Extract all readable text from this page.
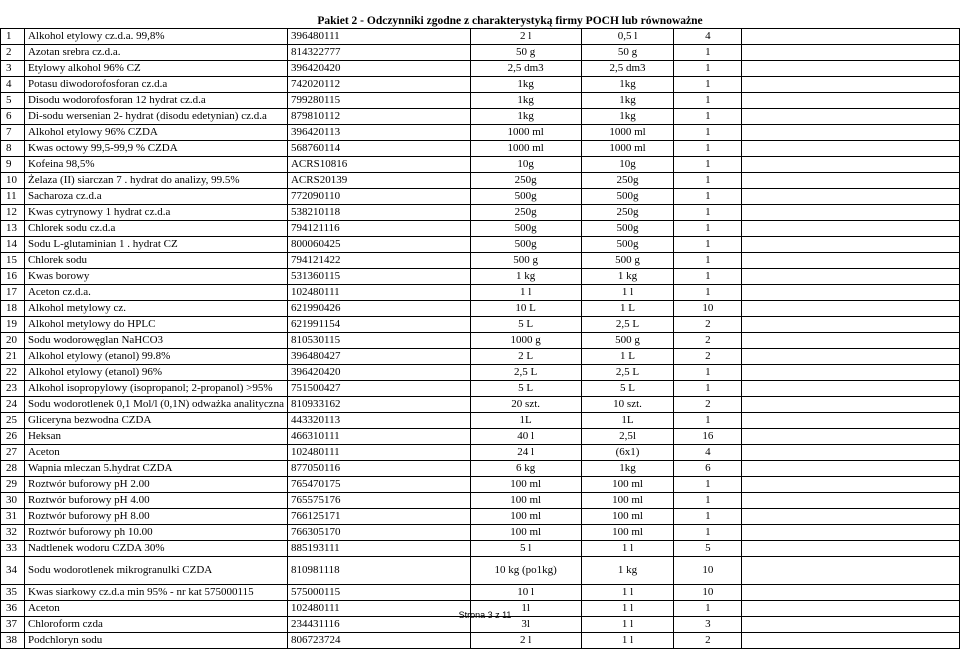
Pakiet 2 - Odczynniki zgodne z charakterystyką firmy POCH lub równoważne
1	Alkohol etylowy cz.d.a. 99,8%	396480111	2 l	0,5 l	4	
2	Azotan srebra cz.d.a.	814322777	50 g	50 g	1	
3	Etylowy alkohol 96% CZ	396420420	2,5 dm3	2,5 dm3	1	
4	Potasu diwodorofosforan cz.d.a	742020112	1kg	1kg	1	
5	Disodu wodorofosforan 12 hydrat cz.d.a	799280115	1kg	1kg	1	
6	Di-sodu wersenian 2- hydrat (disodu edetynian) cz.d.a	879810112	1kg	1kg	1	
7	Alkohol etylowy 96% CZDA	396420113	1000 ml	1000 ml	1	
8	Kwas octowy 99,5-99,9 % CZDA	568760114	1000 ml	1000 ml	1	
9	Kofeina 98,5%	ACRS10816	10g	10g	1	
10	Żelaza (II) siarczan 7 . hydrat do analizy, 99.5%	ACRS20139	250g	250g	1	
11	Sacharoza cz.d.a	772090110	500g	500g	1	
12	Kwas cytrynowy 1 hydrat cz.d.a	538210118	250g	250g	1	
13	Chlorek sodu cz.d.a	794121116	500g	500g	1	
14	Sodu L-glutaminian 1 . hydrat CZ	800060425	500g	500g	1	
15	Chlorek sodu	794121422	500 g	500 g	1	
16	Kwas borowy	531360115	1 kg	1 kg	1	
17	Aceton cz.d.a.	102480111	1 l	1 l	1	
18	Alkohol metylowy cz.	621990426	10 L	1 L	10	
19	Alkohol metylowy do HPLC	621991154	5 L	2,5 L	2	
20	Sodu wodorowęglan NaHCO3	810530115	1000 g	500 g	2	
21	Alkohol etylowy (etanol) 99.8%	396480427	2 L	1 L	2	
22	Alkohol etylowy (etanol) 96%	396420420	2,5 L	2,5 L	1	
23	Alkohol isopropylowy (isopropanol; 2-propanol) >95%	751500427	5 L	5 L	1	
24	Sodu wodorotlenek 0,1 Mol/l (0,1N) odważka analityczna	810933162	20 szt.	10 szt.	2	
25	Gliceryna bezwodna CZDA	443320113	1L	1L	1	
26	Heksan	466310111	40 l	2,5l	16	
27	Aceton	102480111	24 l	(6x1)	4	
28	Wapnia mleczan 5.hydrat CZDA	877050116	6 kg	1kg	6	
29	Roztwór buforowy pH 2.00	765470175	100 ml	100 ml	1	
30	Roztwór buforowy pH 4.00	765575176	100 ml	100 ml	1	
31	Roztwór buforowy pH 8.00	766125171	100 ml	100 ml	1	
32	Roztwór buforowy ph 10.00	766305170	100 ml	100 ml	1	
33	Nadtlenek wodoru CZDA 30%	885193111	5 l	1 l	5	
34	Sodu wodorotlenek mikrogranulki CZDA	810981118	10 kg (po1kg)	1 kg	10	
35	Kwas siarkowy cz.d.a min 95% - nr kat 575000115	575000115	10 l	1 l	10	
36	Aceton	102480111	1l	1 l	1	
37	Chloroform czda	234431116	3l	1 l	3	
38	Podchloryn sodu	806723724	2 l	1 l	2	
Strona 3 z 11
